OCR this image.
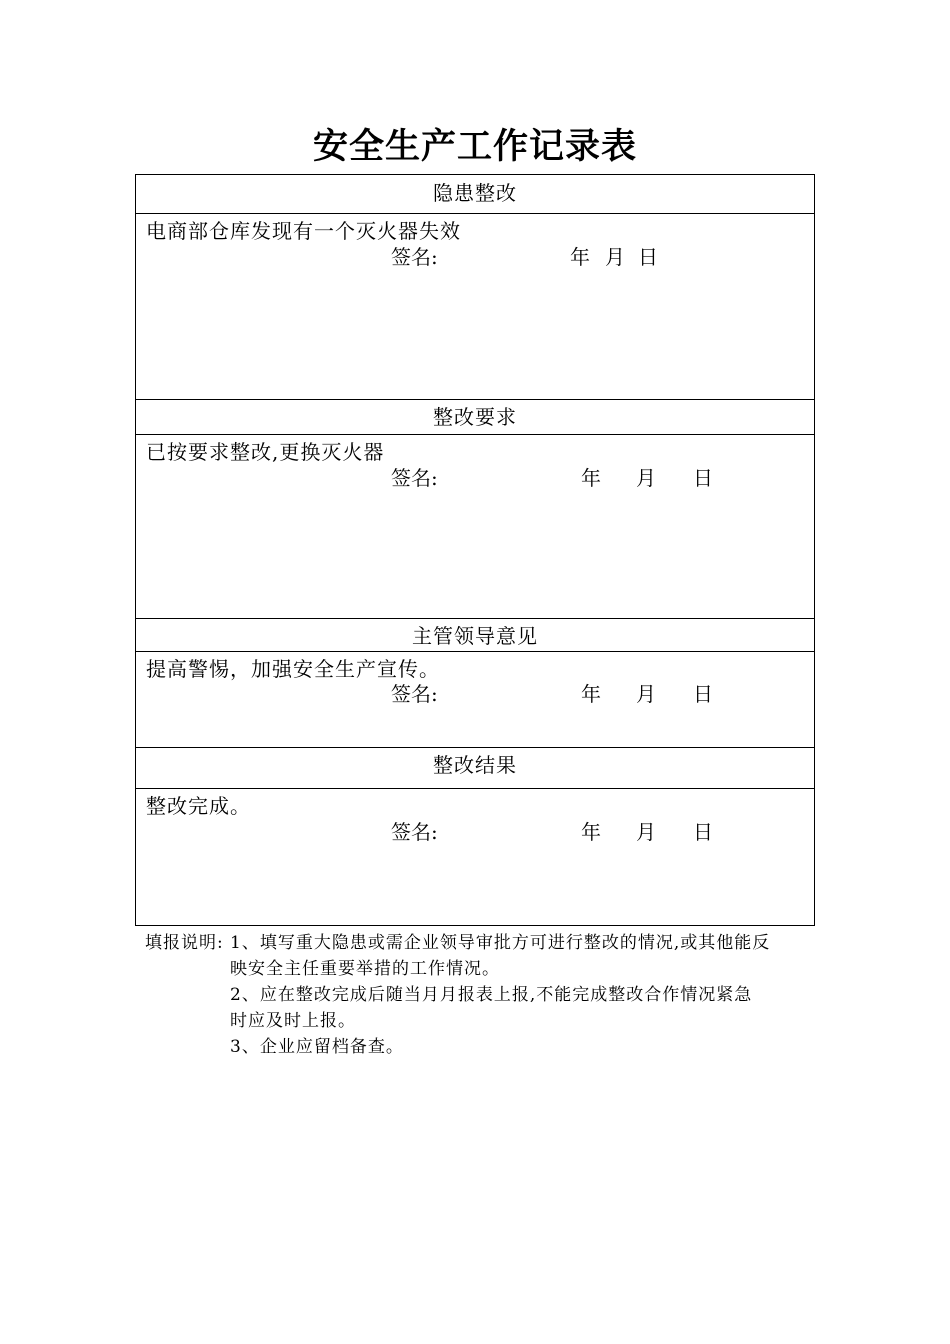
安全生产工作记录表
隐患整改
电商部仓库发现有一个灭火器失效
签名:	年 月 日
整改要求
已按要求整改,更换灭火器
签名:	年 月 日
主管领导意见
提高警惕，加强安全生产宣传。
签名:	年 月 日
整改结果
整改完成。
签名:	年 月 日
填报说明: 1、填写重大隐患或需企业领导审批方可进行整改的情况,或其他能反
映安全主任重要举措的工作情况。
2、应在整改完成后随当月月报表上报,不能完成整改合作情况紧急
时应及时上报。
3、企业应留档备查。
